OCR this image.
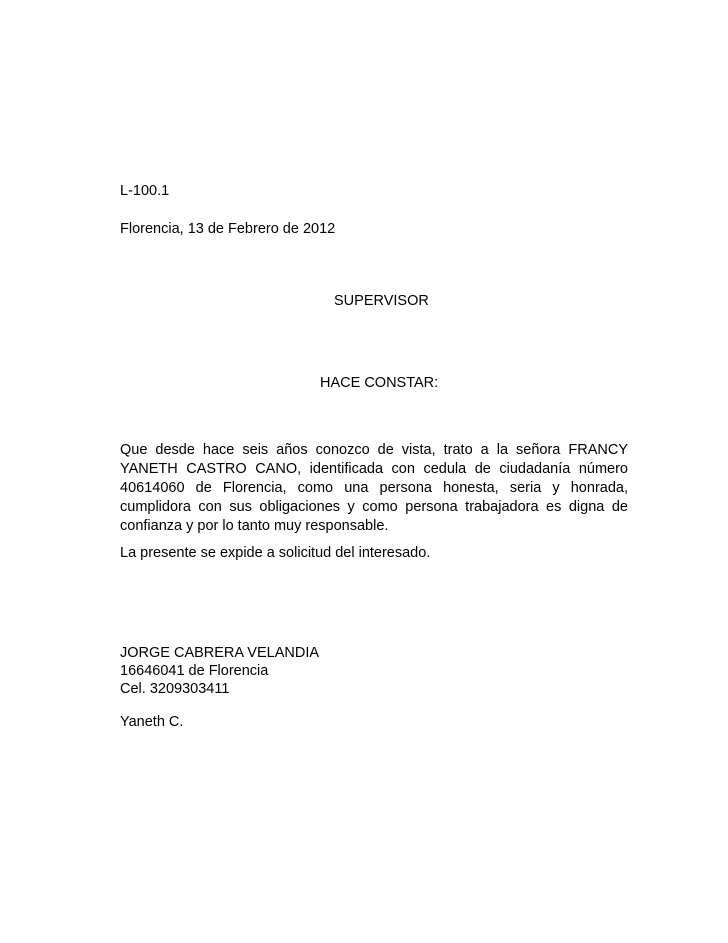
L-100.1
Florencia, 13 de Febrero de 2012
SUPERVISOR
HACE CONSTAR:
Que desde hace seis años conozco de vista, trato a la señora FRANCY YANETH CASTRO CANO, identificada con cedula de ciudadanía número 40614060 de Florencia, como una persona honesta, seria y honrada, cumplidora con sus obligaciones y como persona trabajadora es digna de confianza y por lo tanto muy responsable.
La presente se expide a solicitud del interesado.
JORGE CABRERA VELANDIA
16646041 de Florencia
Cel. 3209303411
Yaneth C.
